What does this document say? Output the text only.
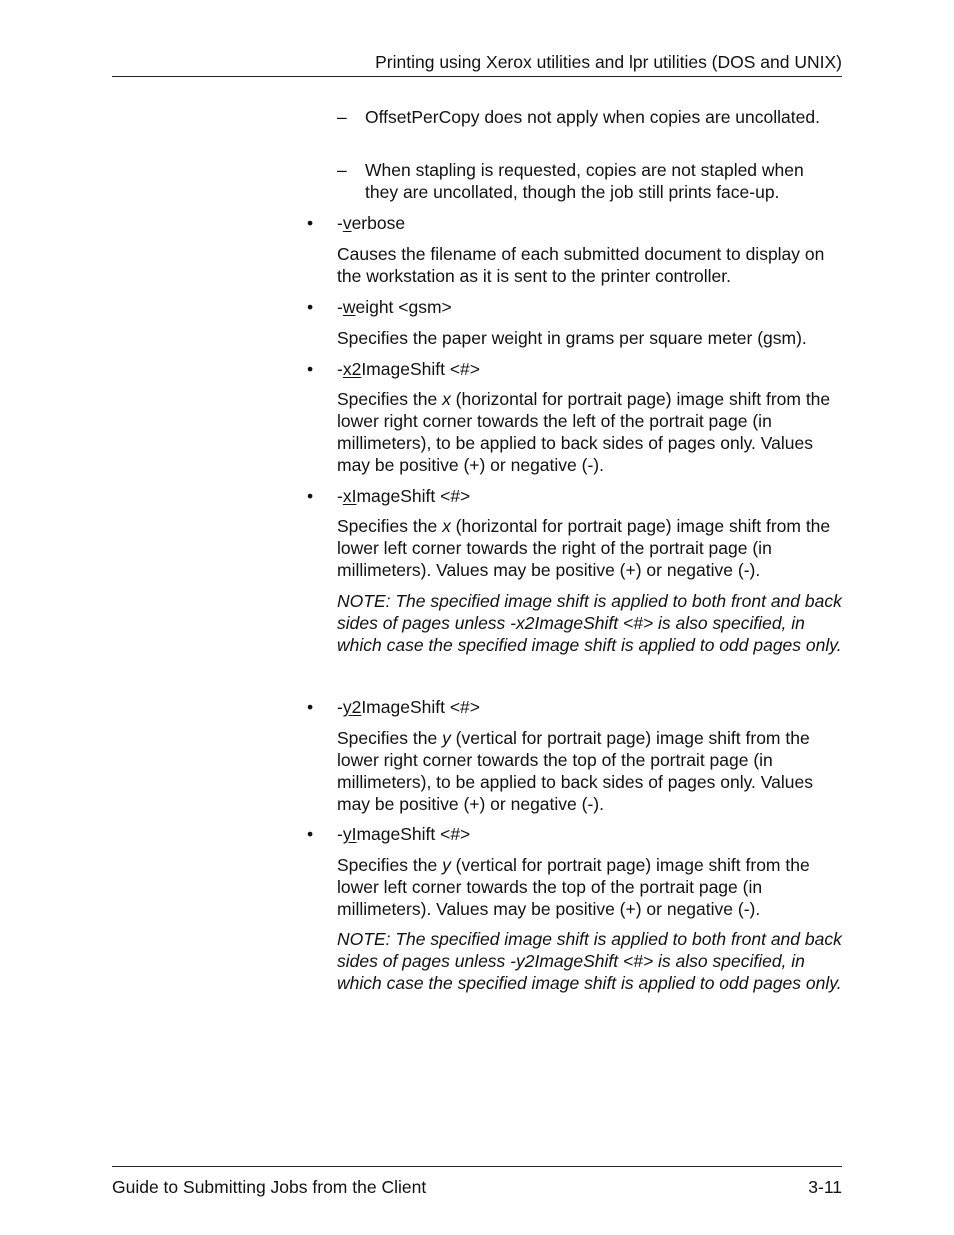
Printing using Xerox utilities and lpr utilities (DOS and UNIX)
– OffsetPerCopy does not apply when copies are uncollated.
– When stapling is requested, copies are not stapled when they are uncollated, though the job still prints face-up.
• -verbose
Causes the filename of each submitted document to display on the workstation as it is sent to the printer controller.
• -weight <gsm>
Specifies the paper weight in grams per square meter (gsm).
• -x2ImageShift <#>
Specifies the x (horizontal for portrait page) image shift from the lower right corner towards the left of the portrait page (in millimeters), to be applied to back sides of pages only. Values may be positive (+) or negative (-).
• -xImageShift <#>
Specifies the x (horizontal for portrait page) image shift from the lower left corner towards the right of the portrait page (in millimeters). Values may be positive (+) or negative (-).
NOTE: The specified image shift is applied to both front and back sides of pages unless -x2ImageShift <#> is also specified, in which case the specified image shift is applied to odd pages only.
• -y2ImageShift <#>
Specifies the y (vertical for portrait page) image shift from the lower right corner towards the top of the portrait page (in millimeters), to be applied to back sides of pages only. Values may be positive (+) or negative (-).
• -yImageShift <#>
Specifies the y (vertical for portrait page) image shift from the lower left corner towards the top of the portrait page (in millimeters). Values may be positive (+) or negative (-).
NOTE: The specified image shift is applied to both front and back sides of pages unless -y2ImageShift <#> is also specified, in which case the specified image shift is applied to odd pages only.
Guide to Submitting Jobs from the Client	3-11
